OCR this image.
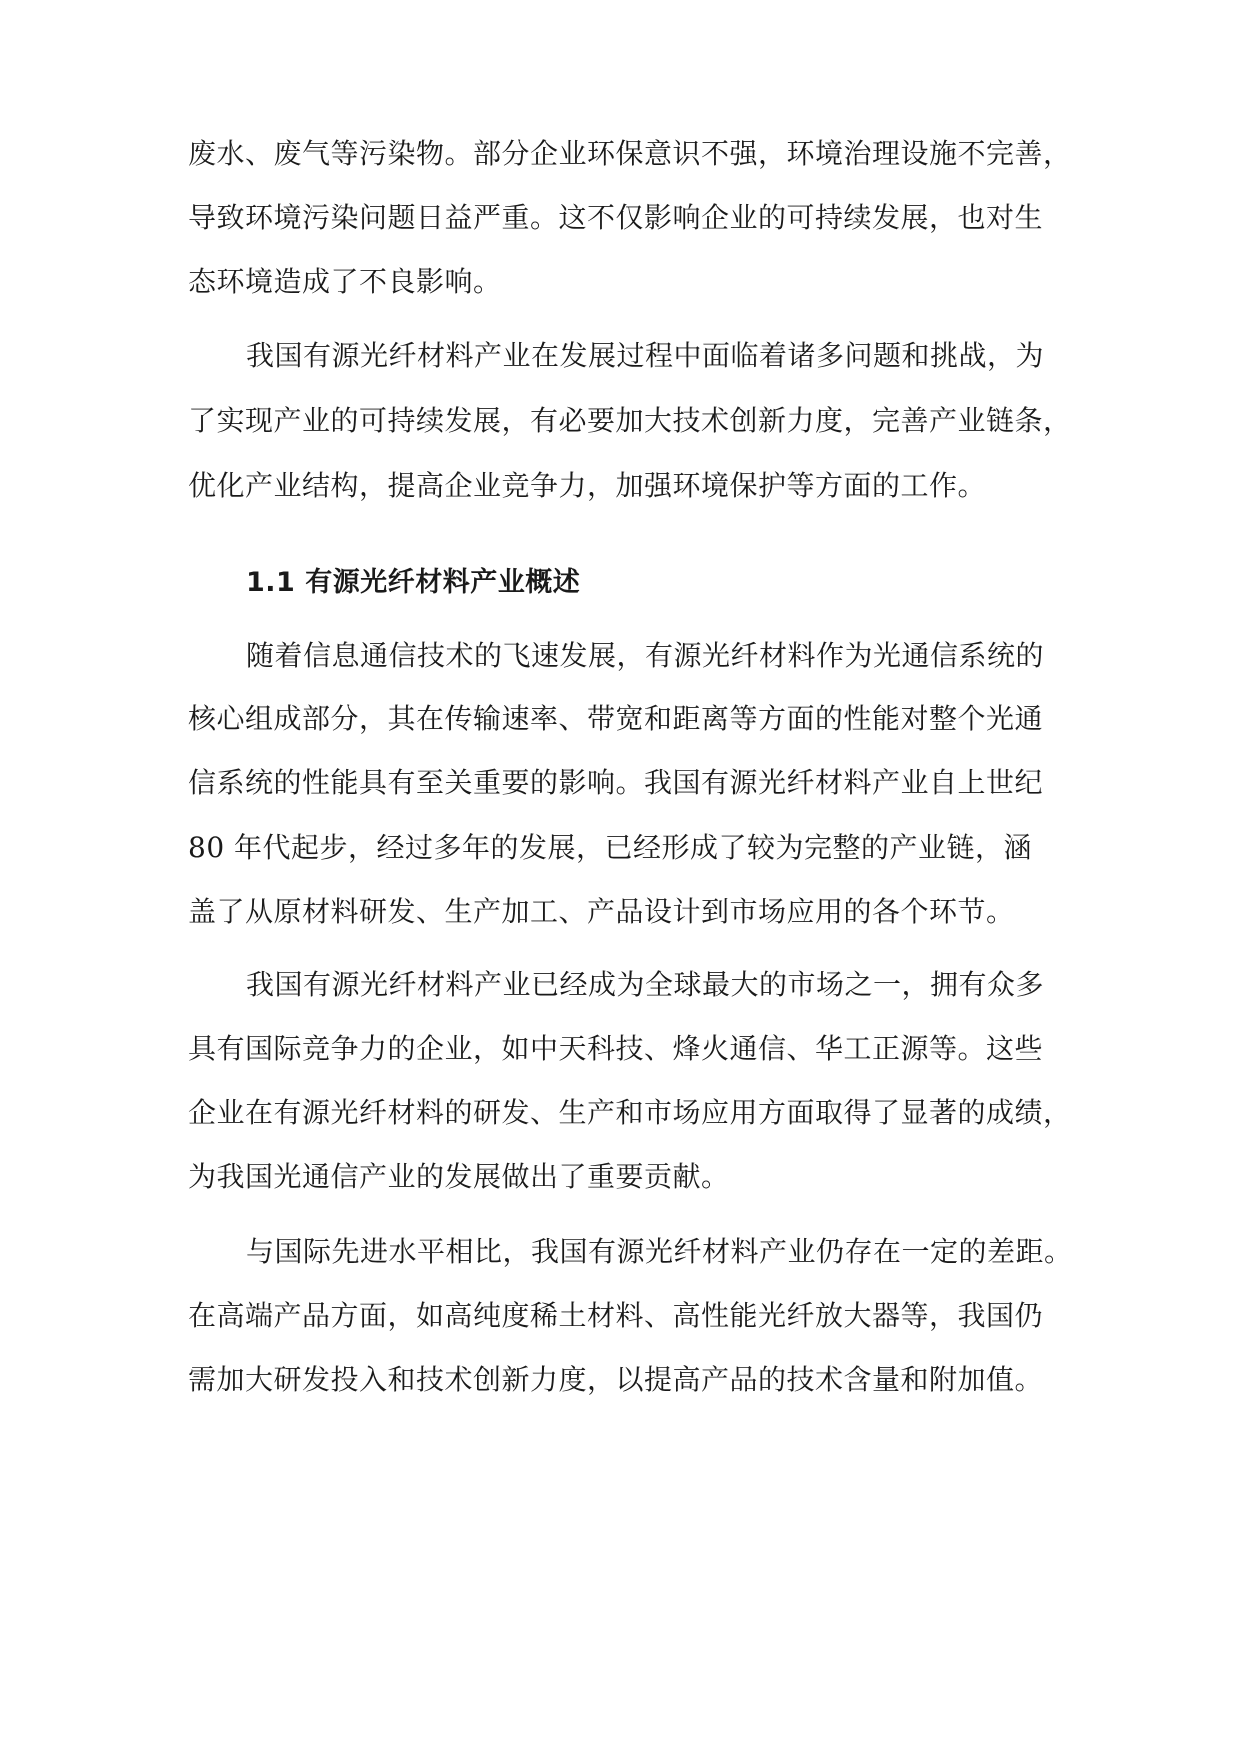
废水、废气等污染物。部分企业环保意识不强，环境治理设施不完善，
导致环境污染问题日益严重。这不仅影响企业的可持续发展，也对生
态环境造成了不良影响。
我国有源光纤材料产业在发展过程中面临着诸多问题和挑战，为
了实现产业的可持续发展，有必要加大技术创新力度，完善产业链条，
优化产业结构，提高企业竞争力，加强环境保护等方面的工作。
1.1 有源光纤材料产业概述
随着信息通信技术的飞速发展，有源光纤材料作为光通信系统的
核心组成部分，其在传输速率、带宽和距离等方面的性能对整个光通
信系统的性能具有至关重要的影响。我国有源光纤材料产业自上世纪
80 年代起步，经过多年的发展，已经形成了较为完整的产业链，涵
盖了从原材料研发、生产加工、产品设计到市场应用的各个环节。
我国有源光纤材料产业已经成为全球最大的市场之一，拥有众多
具有国际竞争力的企业，如中天科技、烽火通信、华工正源等。这些
企业在有源光纤材料的研发、生产和市场应用方面取得了显著的成绩，
为我国光通信产业的发展做出了重要贡献。
与国际先进水平相比，我国有源光纤材料产业仍存在一定的差距。
在高端产品方面，如高纯度稀土材料、高性能光纤放大器等，我国仍
需加大研发投入和技术创新力度，以提高产品的技术含量和附加值。
